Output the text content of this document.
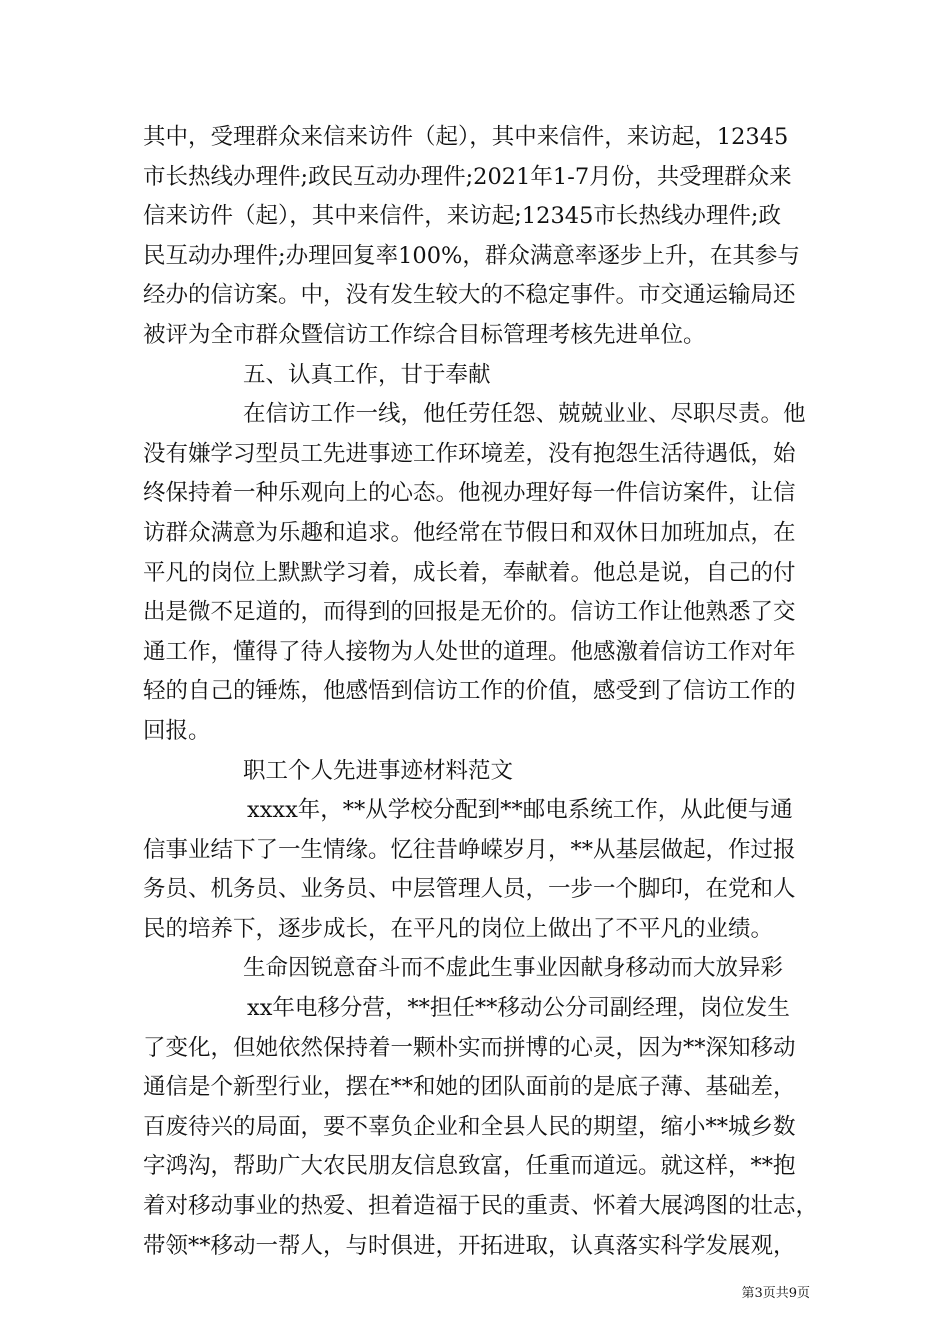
其中，受理群众来信来访件（起），其中来信件，来访起，12345
市长热线办理件;政民互动办理件;2021年1-7月份，共受理群众来
信来访件（起），其中来信件，来访起;12345市长热线办理件;政
民互动办理件;办理回复率100%，群众满意率逐步上升，在其参与
经办的信访案。中，没有发生较大的不稳定事件。市交通运输局还
被评为全市群众暨信访工作综合目标管理考核先进单位。
五、认真工作，甘于奉献
在信访工作一线，他任劳任怨、兢兢业业、尽职尽责。他
没有嫌学习型员工先进事迹工作环境差，没有抱怨生活待遇低，始
终保持着一种乐观向上的心态。他视办理好每一件信访案件，让信
访群众满意为乐趣和追求。他经常在节假日和双休日加班加点，在
平凡的岗位上默默学习着，成长着，奉献着。他总是说，自己的付
出是微不足道的，而得到的回报是无价的。信访工作让他熟悉了交
通工作，懂得了待人接物为人处世的道理。他感激着信访工作对年
轻的自己的锤炼，他感悟到信访工作的价值，感受到了信访工作的
回报。
职工个人先进事迹材料范文
xxxx年，**从学校分配到**邮电系统工作，从此便与通
信事业结下了一生情缘。忆往昔峥嵘岁月，**从基层做起，作过报
务员、机务员、业务员、中层管理人员，一步一个脚印，在党和人
民的培养下，逐步成长，在平凡的岗位上做出了不平凡的业绩。
生命因锐意奋斗而不虚此生事业因献身移动而大放异彩
xx年电移分营，**担任**移动公分司副经理，岗位发生
了变化，但她依然保持着一颗朴实而拼博的心灵，因为**深知移动
通信是个新型行业，摆在**和她的团队面前的是底子薄、基础差，
百废待兴的局面，要不辜负企业和全县人民的期望，缩小**城乡数
字鸿沟，帮助广大农民朋友信息致富，任重而道远。就这样，**抱
着对移动事业的热爱、担着造福于民的重责、怀着大展鸿图的壮志，
带领**移动一帮人，与时俱进，开拓进取，认真落实科学发展观，
第3页共9页
